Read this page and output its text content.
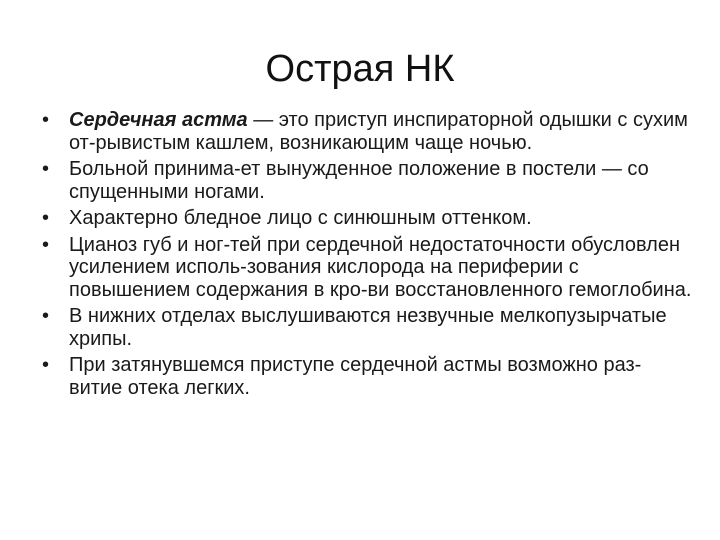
Острая НК
• Сердечная астма — это приступ инспираторной одышки с сухим от-рывистым кашлем, возникающим чаще ночью.
• Больной принима-ет вынужденное положение в постели — со спущенными ногами.
• Характерно бледное лицо с синюшным оттенком.
• Цианоз губ и ног-тей при сердечной недостаточности обусловлен усилением исполь-зования кислорода на периферии с повышением содержания в кро-ви восстановленного гемоглобина.
• В нижних отделах выслушиваются незвучные мелкопузырчатые хрипы.
• При затянувшемся приступе сердечной астмы возможно раз-витие отека легких.
